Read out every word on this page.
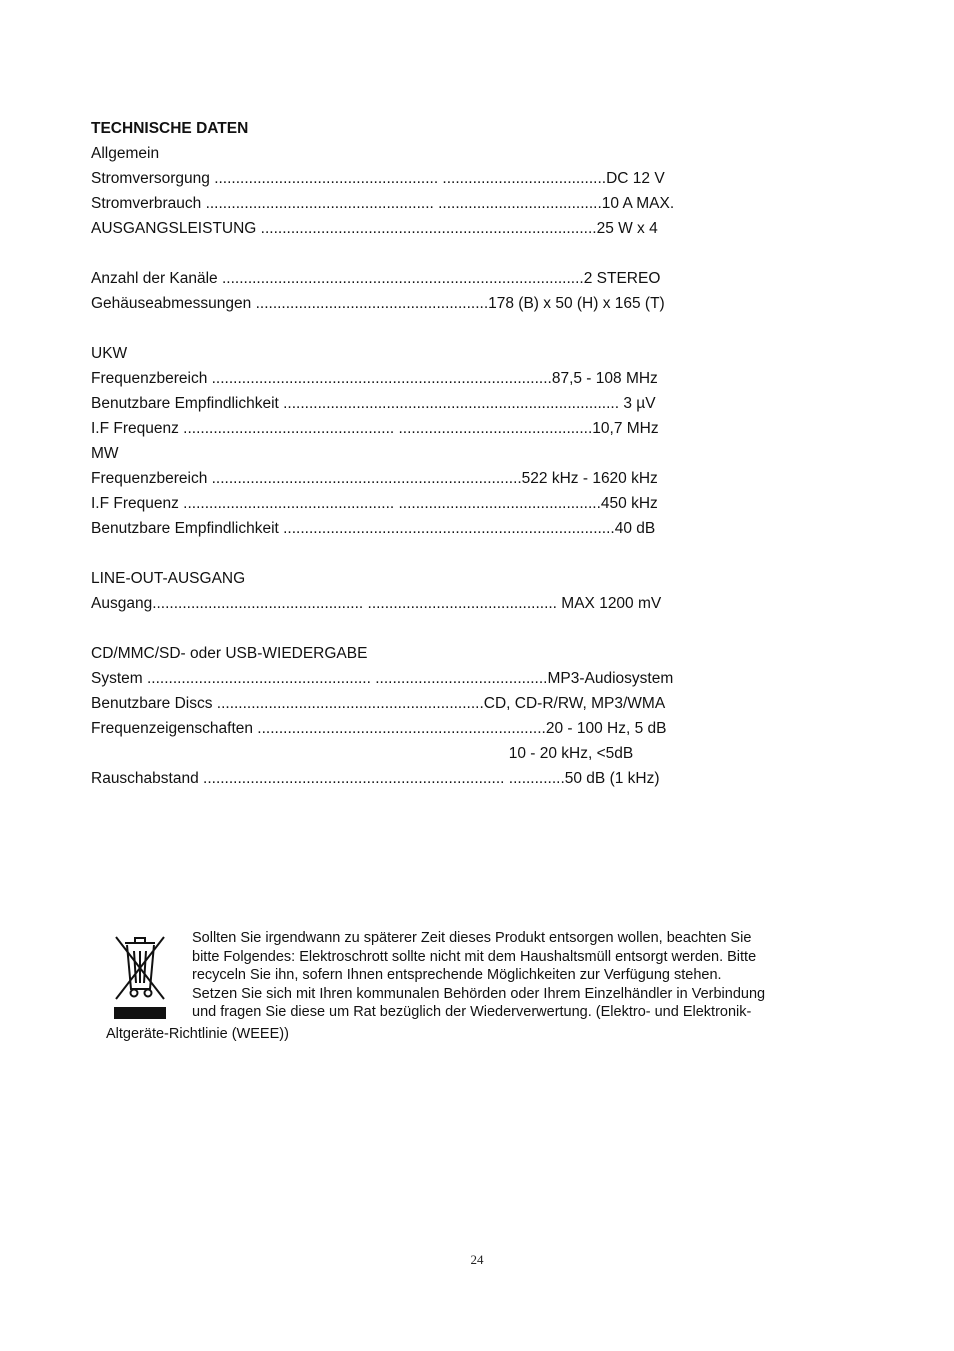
TECHNISCHE DATEN
Allgemein
Stromversorgung .................................................... ......................................DC 12 V
Stromverbrauch ..................................................... ......................................10 A MAX.
AUSGANGSLEISTUNG ..............................................................................25 W x 4
Anzahl der Kanäle ....................................................................................2 STEREO
Gehäuseabmessungen ......................................................178 (B) x 50 (H) x 165 (T)
UKW
Frequenzbereich ...............................................................................87,5 - 108 MHz
Benutzbare Empfindlichkeit .............................................................................. 3 µV
I.F Frequenz ................................................. .............................................10,7 MHz
MW
Frequenzbereich ........................................................................522 kHz - 1620 kHz
I.F Frequenz ................................................. ...............................................450 kHz
Benutzbare Empfindlichkeit .............................................................................40 dB
LINE-OUT-AUSGANG
Ausgang................................................. ............................................ MAX 1200 mV
CD/MMC/SD- oder USB-WIEDERGABE
System .................................................... ........................................MP3-Audiosystem
Benutzbare Discs ..............................................................CD, CD-R/RW, MP3/WMA
Frequenzeigenschaften ...................................................................20 - 100 Hz, 5 dB
10 - 20 kHz, <5dB
Rauschabstand ...................................................................... .............50 dB (1 kHz)
Sollten Sie irgendwann zu späterer Zeit dieses Produkt entsorgen wollen, beachten Sie
bitte Folgendes: Elektroschrott sollte nicht mit dem Haushaltsmüll entsorgt werden. Bitte
recyceln Sie ihn, sofern Ihnen entsprechende Möglichkeiten zur Verfügung stehen.
Setzen Sie sich mit Ihren kommunalen Behörden oder Ihrem Einzelhändler in Verbindung
und fragen Sie diese um Rat bezüglich der Wiederverwertung. (Elektro- und Elektronik-
Altgeräte-Richtlinie (WEEE))
24
